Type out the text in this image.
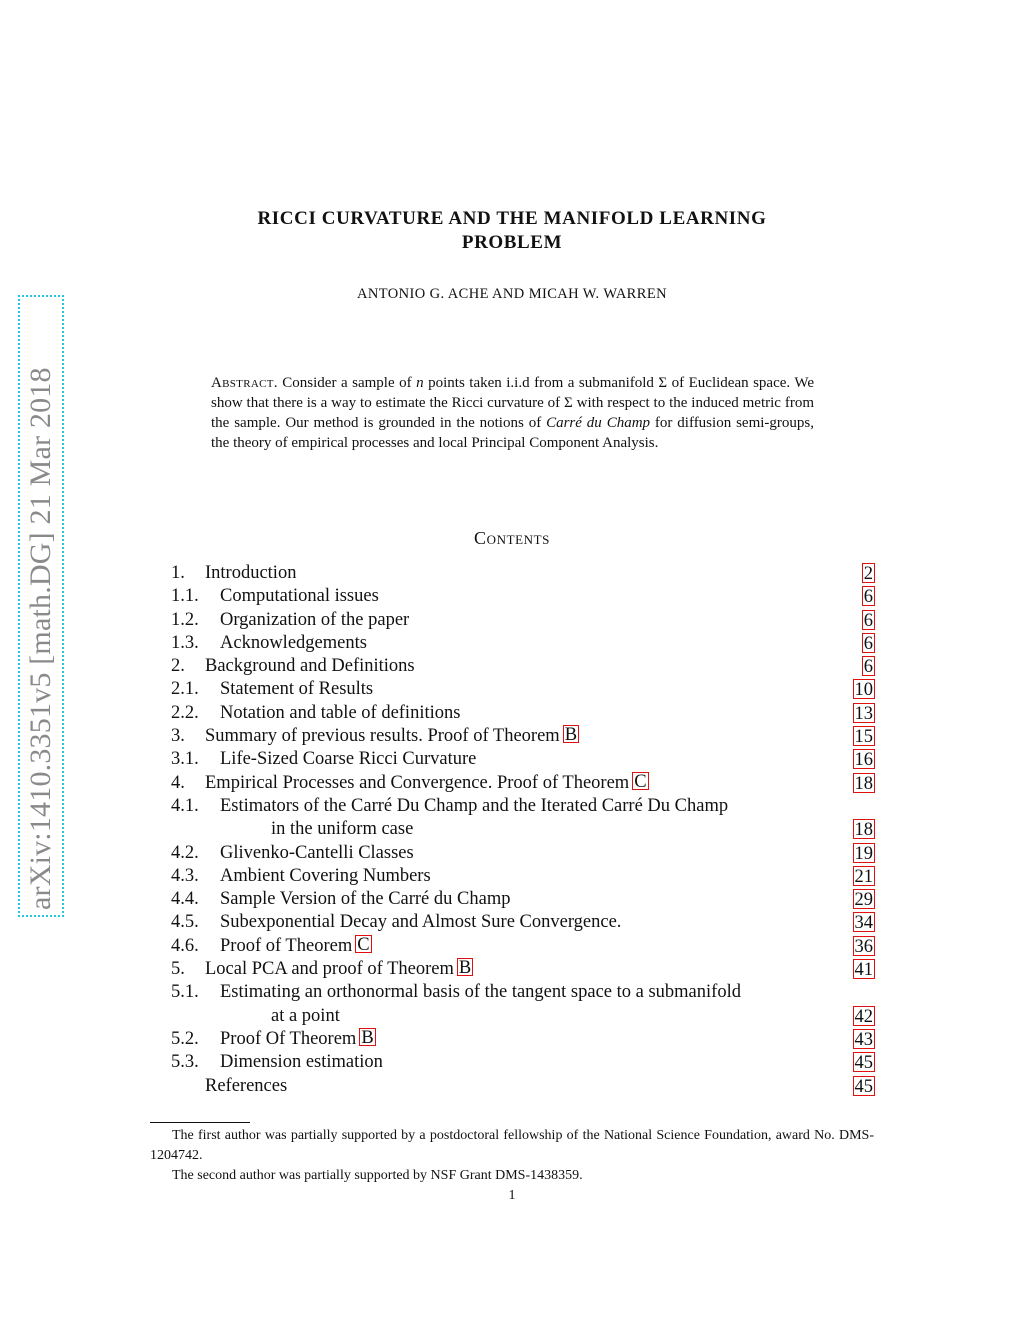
arXiv:1410.3351v5 [math.DG] 21 Mar 2018
RICCI CURVATURE AND THE MANIFOLD LEARNING
PROBLEM
ANTONIO G. ACHE AND MICAH W. WARREN
Abstract. Consider a sample of n points taken i.i.d from a submanifold Σ of Euclidean space. We show that there is a way to estimate the Ricci curvature of Σ with respect to the induced metric from the sample. Our method is grounded in the notions of Carré du Champ for diffusion semi-groups, the theory of empirical processes and local Principal Component Analysis.
Contents
1. Introduction	2
1.1. Computational issues	6
1.2. Organization of the paper	6
1.3. Acknowledgements	6
2. Background and Definitions	6
2.1. Statement of Results	10
2.2. Notation and table of definitions	13
3. Summary of previous results. Proof of Theorem B	15
3.1. Life-Sized Coarse Ricci Curvature	16
4. Empirical Processes and Convergence. Proof of Theorem C	18
4.1. Estimators of the Carré Du Champ and the Iterated Carré Du Champ
in the uniform case	18
4.2. Glivenko-Cantelli Classes	19
4.3. Ambient Covering Numbers	21
4.4. Sample Version of the Carré du Champ	29
4.5. Subexponential Decay and Almost Sure Convergence.	34
4.6. Proof of Theorem C	36
5. Local PCA and proof of Theorem B	41
5.1. Estimating an orthonormal basis of the tangent space to a submanifold
at a point	42
5.2. Proof Of Theorem B	43
5.3. Dimension estimation	45
References	45

The first author was partially supported by a postdoctoral fellowship of the National Science Foundation, award No. DMS-1204742.

The second author was partially supported by NSF Grant DMS-1438359.

1
